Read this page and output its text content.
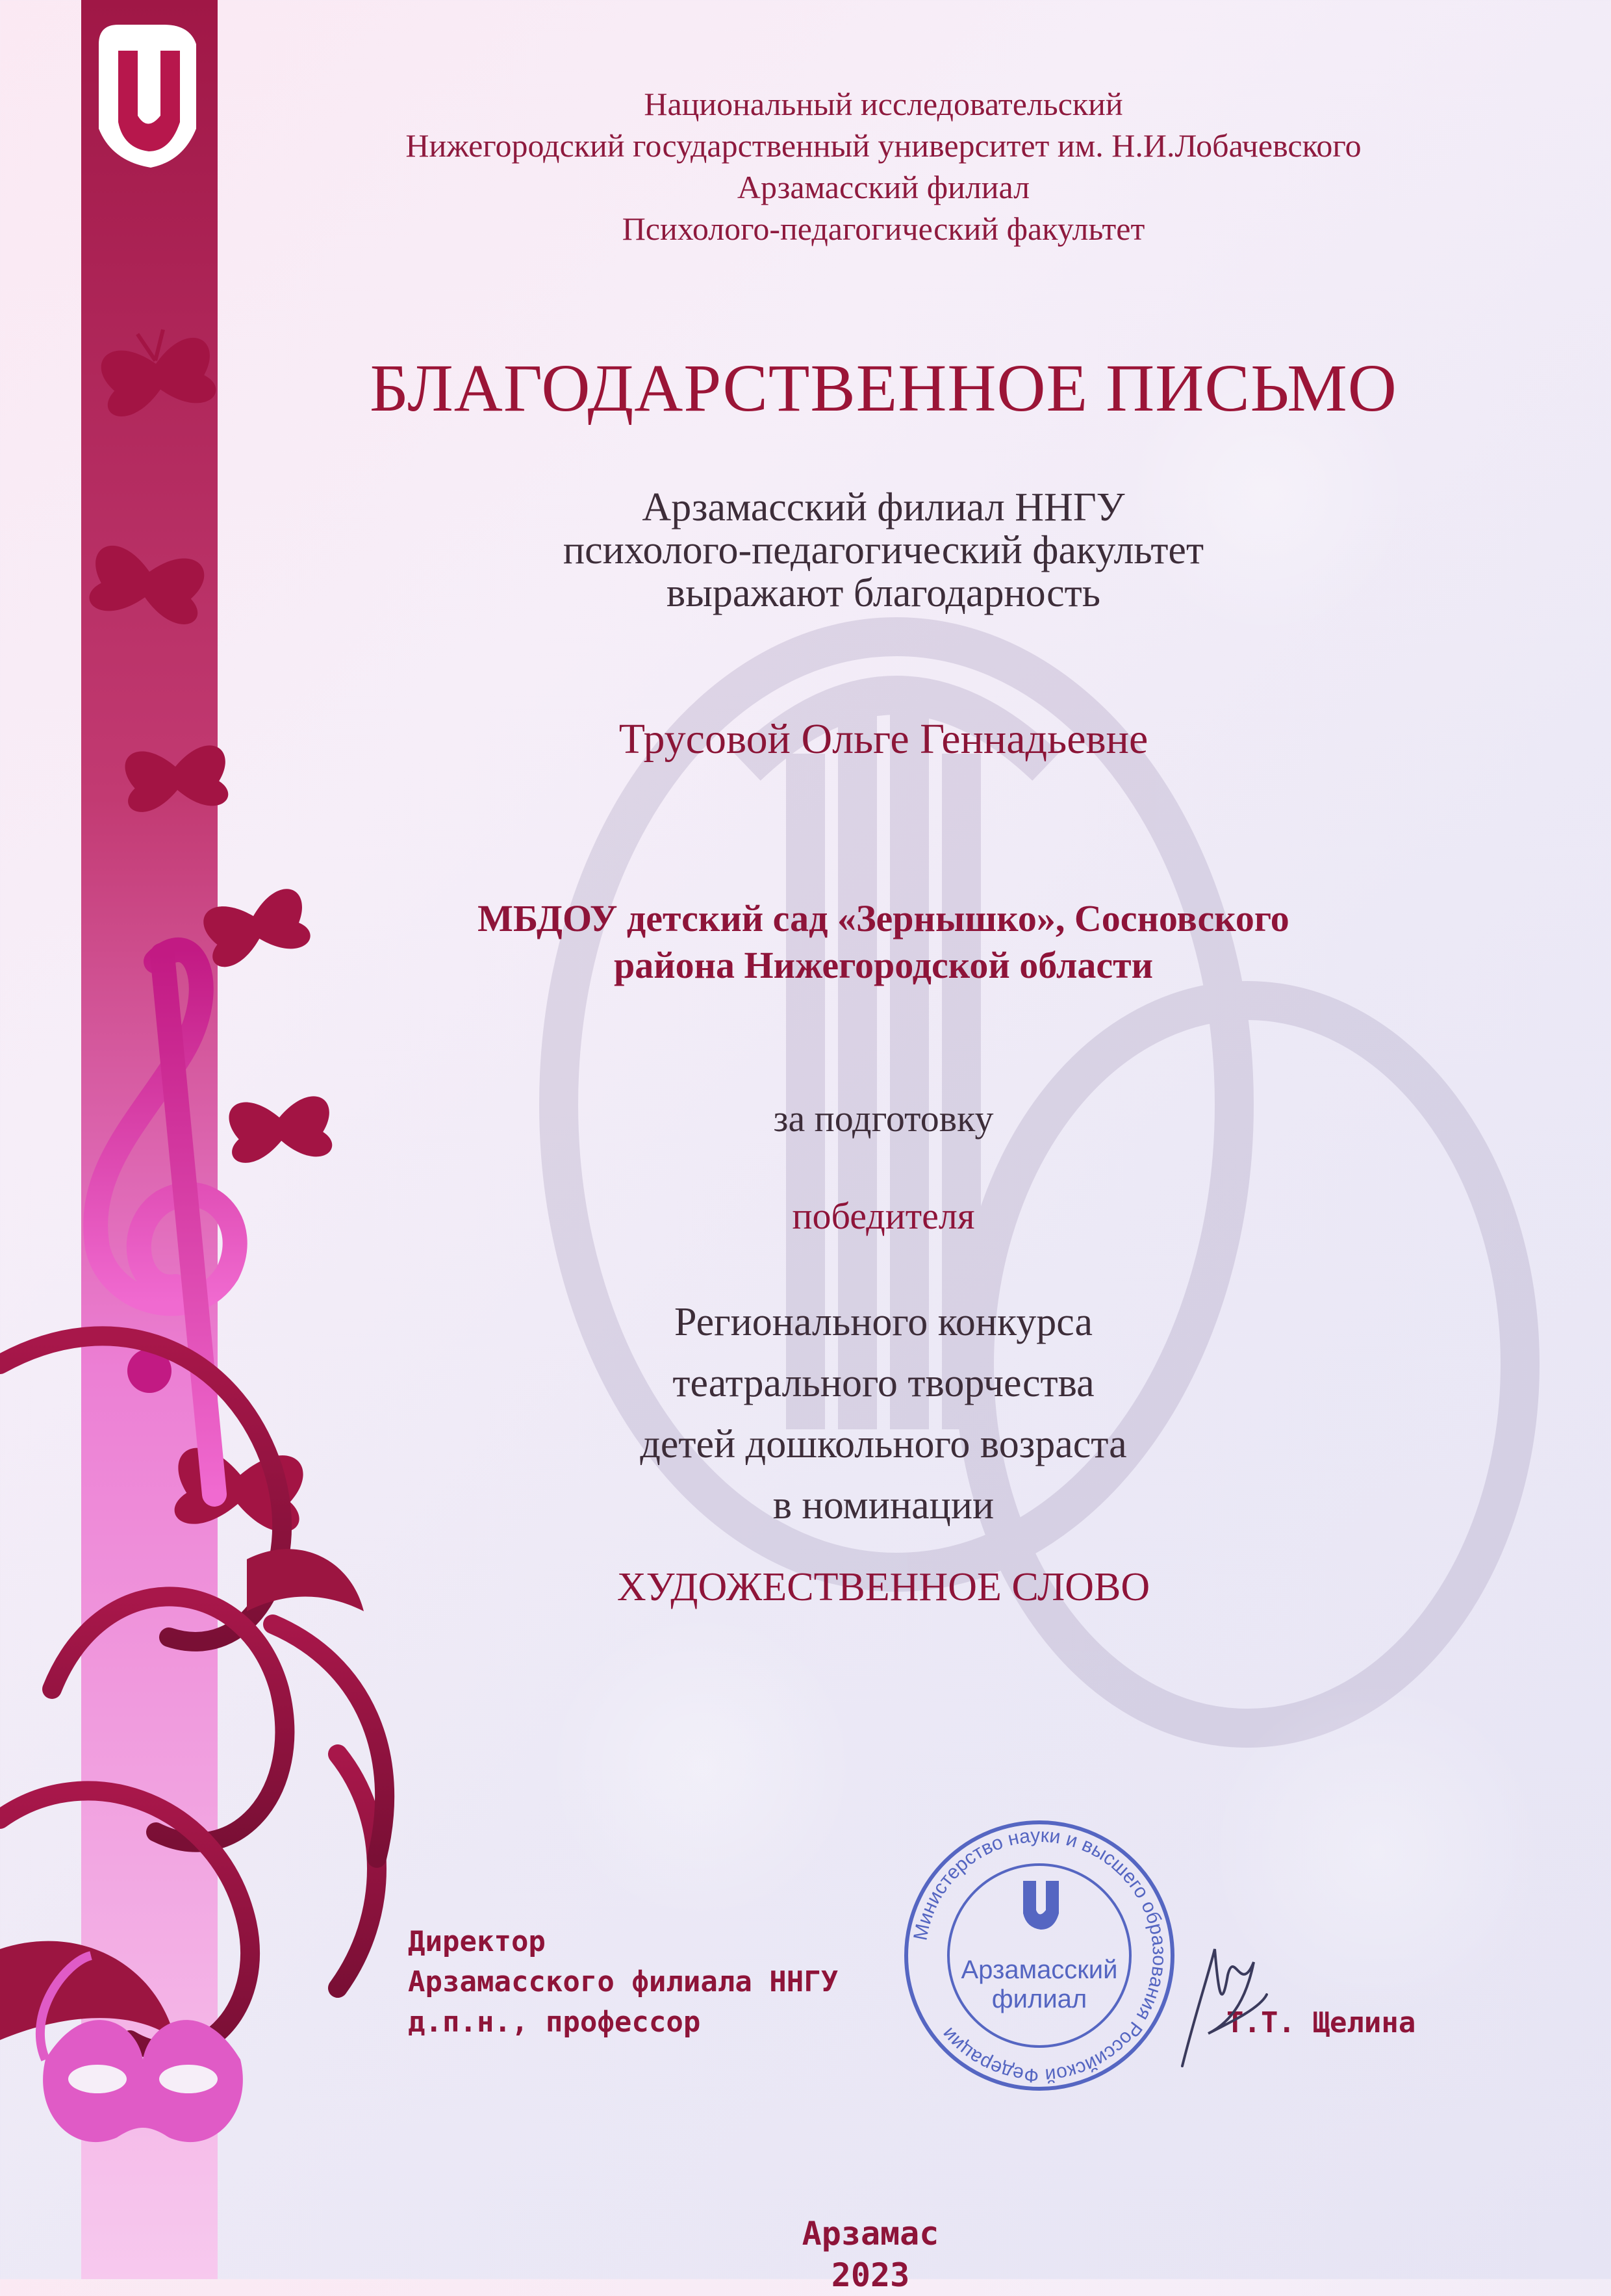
Национальный исследовательский
Нижегородский государственный университет им. Н.И.Лобачевского
Арзамасский филиал
Психолого-педагогический факультет
БЛАГОДАРСТВЕННОЕ ПИСЬМО
Арзамасский филиал ННГУ
психолого-педагогический факультет
выражают благодарность
Трусовой Ольге Геннадьевне
МБДОУ детский сад «Зернышко», Сосновского
района Нижегородской области
за подготовку
победителя
Регионального конкурса
театрального творчества
детей дошкольного возраста
в номинации
ХУДОЖЕСТВЕННОЕ СЛОВО
Директор
Арзамасского филиала ННГУ
д.п.н., профессор	Т.Т. Щелина
Министерство науки и высшего образования Российской Федерации
Арзамасский
филиал
Арзамас
2023
